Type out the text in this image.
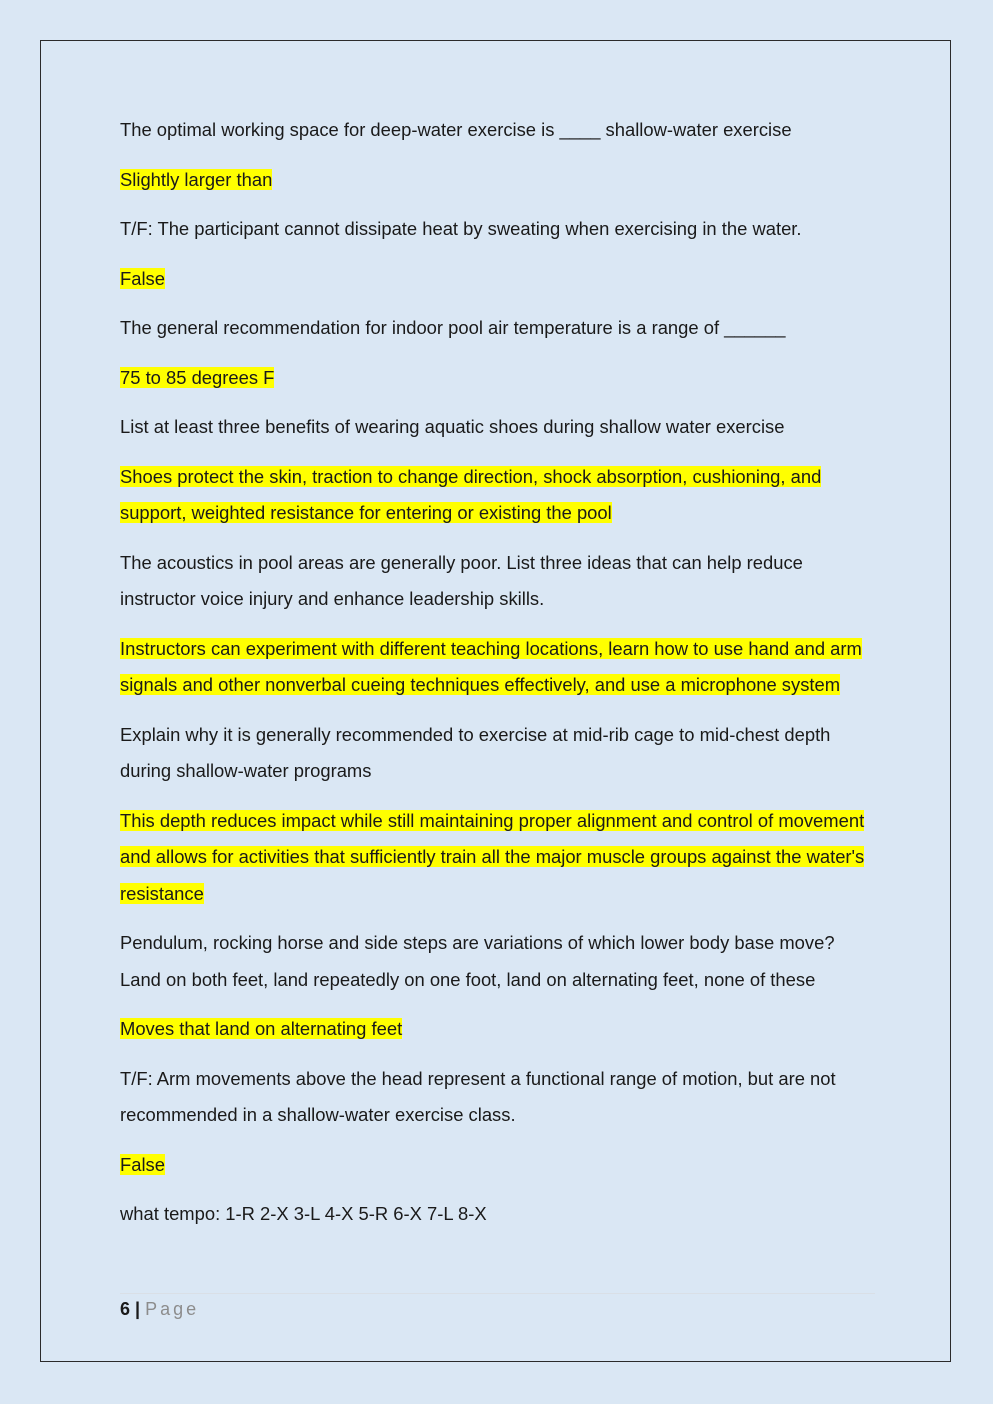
The optimal working space for deep-water exercise is ____ shallow-water exercise

Slightly larger than

T/F: The participant cannot dissipate heat by sweating when exercising in the water.

False

The general recommendation for indoor pool air temperature is a range of ______

75 to 85 degrees F

List at least three benefits of wearing aquatic shoes during shallow water exercise

Shoes protect the skin, traction to change direction, shock absorption, cushioning, and support, weighted resistance for entering or existing the pool

The acoustics in pool areas are generally poor. List three ideas that can help reduce instructor voice injury and enhance leadership skills.

Instructors can experiment with different teaching locations, learn how to use hand and arm signals and other nonverbal cueing techniques effectively, and use a microphone system

Explain why it is generally recommended to exercise at mid-rib cage to mid-chest depth during shallow-water programs

This depth reduces impact while still maintaining proper alignment and control of movement and allows for activities that sufficiently train all the major muscle groups against the water's resistance

Pendulum, rocking horse and side steps are variations of which lower body base move? Land on both feet, land repeatedly on one foot, land on alternating feet, none of these

Moves that land on alternating feet

T/F: Arm movements above the head represent a functional range of motion, but are not recommended in a shallow-water exercise class.

False

what tempo: 1-R 2-X 3-L 4-X 5-R 6-X 7-L 8-X

6 | Page
